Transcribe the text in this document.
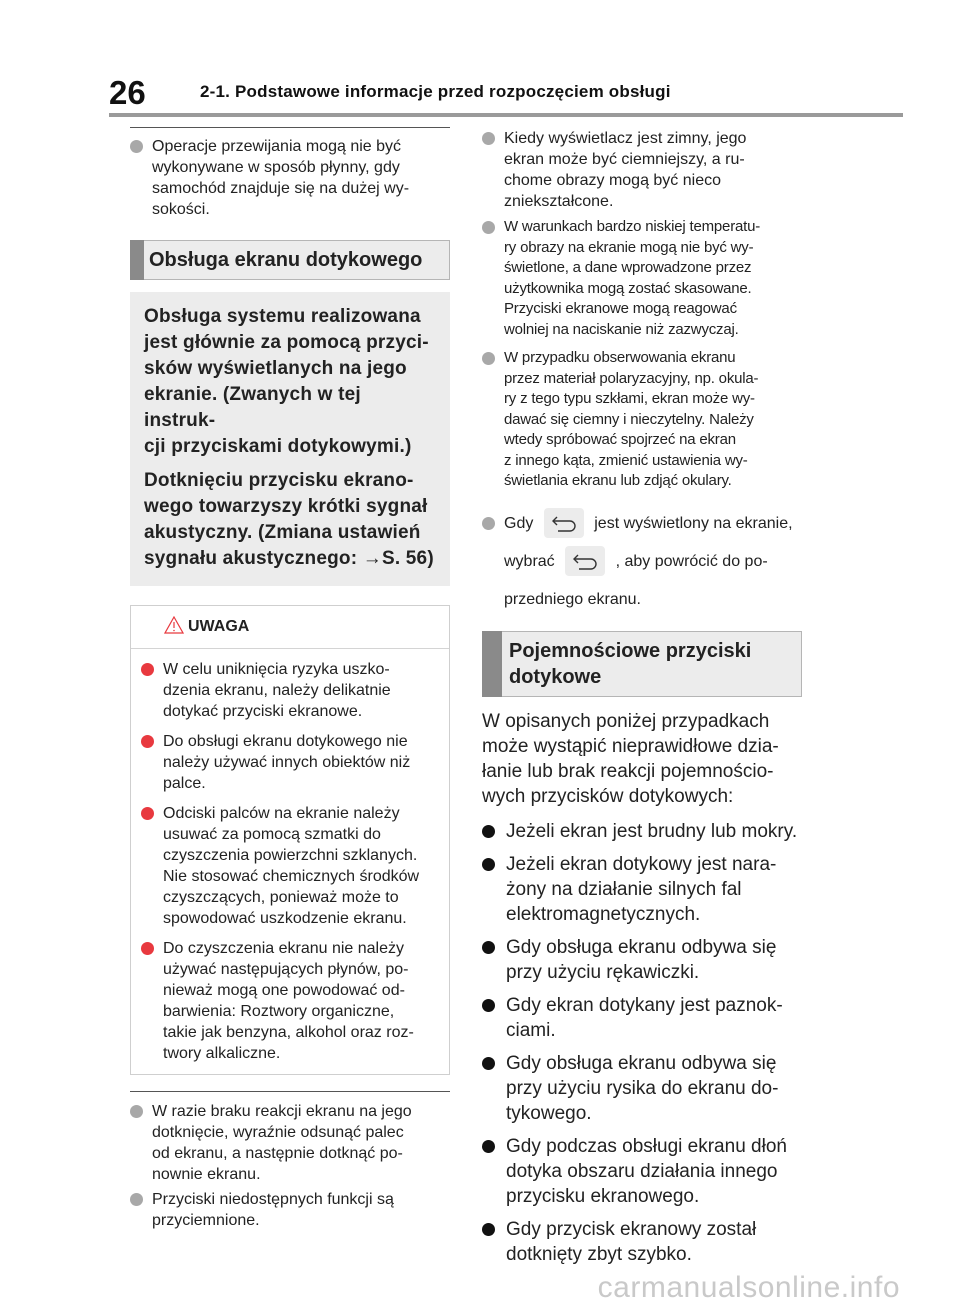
26	2-1. Podstawowe informacje przed rozpoczęciem obsługi
Operacje przewijania mogą nie być
wykonywane w sposób płynny, gdy
samochód znajduje się na dużej wy-
sokości.
Obsługa ekranu dotykowego

Obsługa systemu realizowana
jest głównie za pomocą przyci-
sków wyświetlanych na jego
ekranie. (Zwanych w tej instruk-
cji przyciskami dotykowymi.)

Dotknięciu przycisku ekrano-
wego towarzyszy krótki sygnał
akustyczny. (Zmiana ustawień
sygnału akustycznego: →S. 56)

UWAGA
W celu uniknięcia ryzyka uszko-
dzenia ekranu, należy delikatnie
dotykać przyciski ekranowe.
Do obsługi ekranu dotykowego nie
należy używać innych obiektów niż
palce.
Odciski palców na ekranie należy
usuwać za pomocą szmatki do
czyszczenia powierzchni szklanych.
Nie stosować chemicznych środków
czyszczących, ponieważ może to
spowodować uszkodzenie ekranu.
Do czyszczenia ekranu nie należy
używać następujących płynów, po-
nieważ mogą one powodować od-
barwienia: Roztwory organiczne,
takie jak benzyna, alkohol oraz roz-
twory alkaliczne.
W razie braku reakcji ekranu na jego
dotknięcie, wyraźnie odsunąć palec
od ekranu, a następnie dotknąć po-
nownie ekranu.
Przyciski niedostępnych funkcji są
przyciemnione.
Kiedy wyświetlacz jest zimny, jego
ekran może być ciemniejszy, a ru-
chome obrazy mogą być nieco
zniekształcone.
W warunkach bardzo niskiej temperatu-
ry obrazy na ekranie mogą nie być wy-
świetlone, a dane wprowadzone przez
użytkownika mogą zostać skasowane.
Przyciski ekranowe mogą reagować
wolniej na naciskanie niż zazwyczaj.
W przypadku obserwowania ekranu
przez materiał polaryzacyjny, np. okula-
ry z tego typu szkłami, ekran może wy-
dawać się ciemny i nieczytelny. Należy
wtedy spróbować spojrzeć na ekran
z innego kąta, zmienić ustawienia wy-
świetlania ekranu lub zdjąć okulary.
Gdy	jest wyświetlony na ekranie,
wybrać	, aby powrócić do po-
przedniego ekranu.
Pojemnościowe przyciski
dotykowe
W opisanych poniżej przypadkach
może wystąpić nieprawidłowe dzia-
łanie lub brak reakcji pojemnościo-
wych przycisków dotykowych:
Jeżeli ekran jest brudny lub mokry.
Jeżeli ekran dotykowy jest nara-
żony na działanie silnych fal
elektromagnetycznych.
Gdy obsługa ekranu odbywa się
przy użyciu rękawiczki.
Gdy ekran dotykany jest paznok-
ciami.
Gdy obsługa ekranu odbywa się
przy użyciu rysika do ekranu do-
tykowego.
Gdy podczas obsługi ekranu dłoń
dotyka obszaru działania innego
przycisku ekranowego.
Gdy przycisk ekranowy został
dotknięty zbyt szybko.
carmanualsonline.info
